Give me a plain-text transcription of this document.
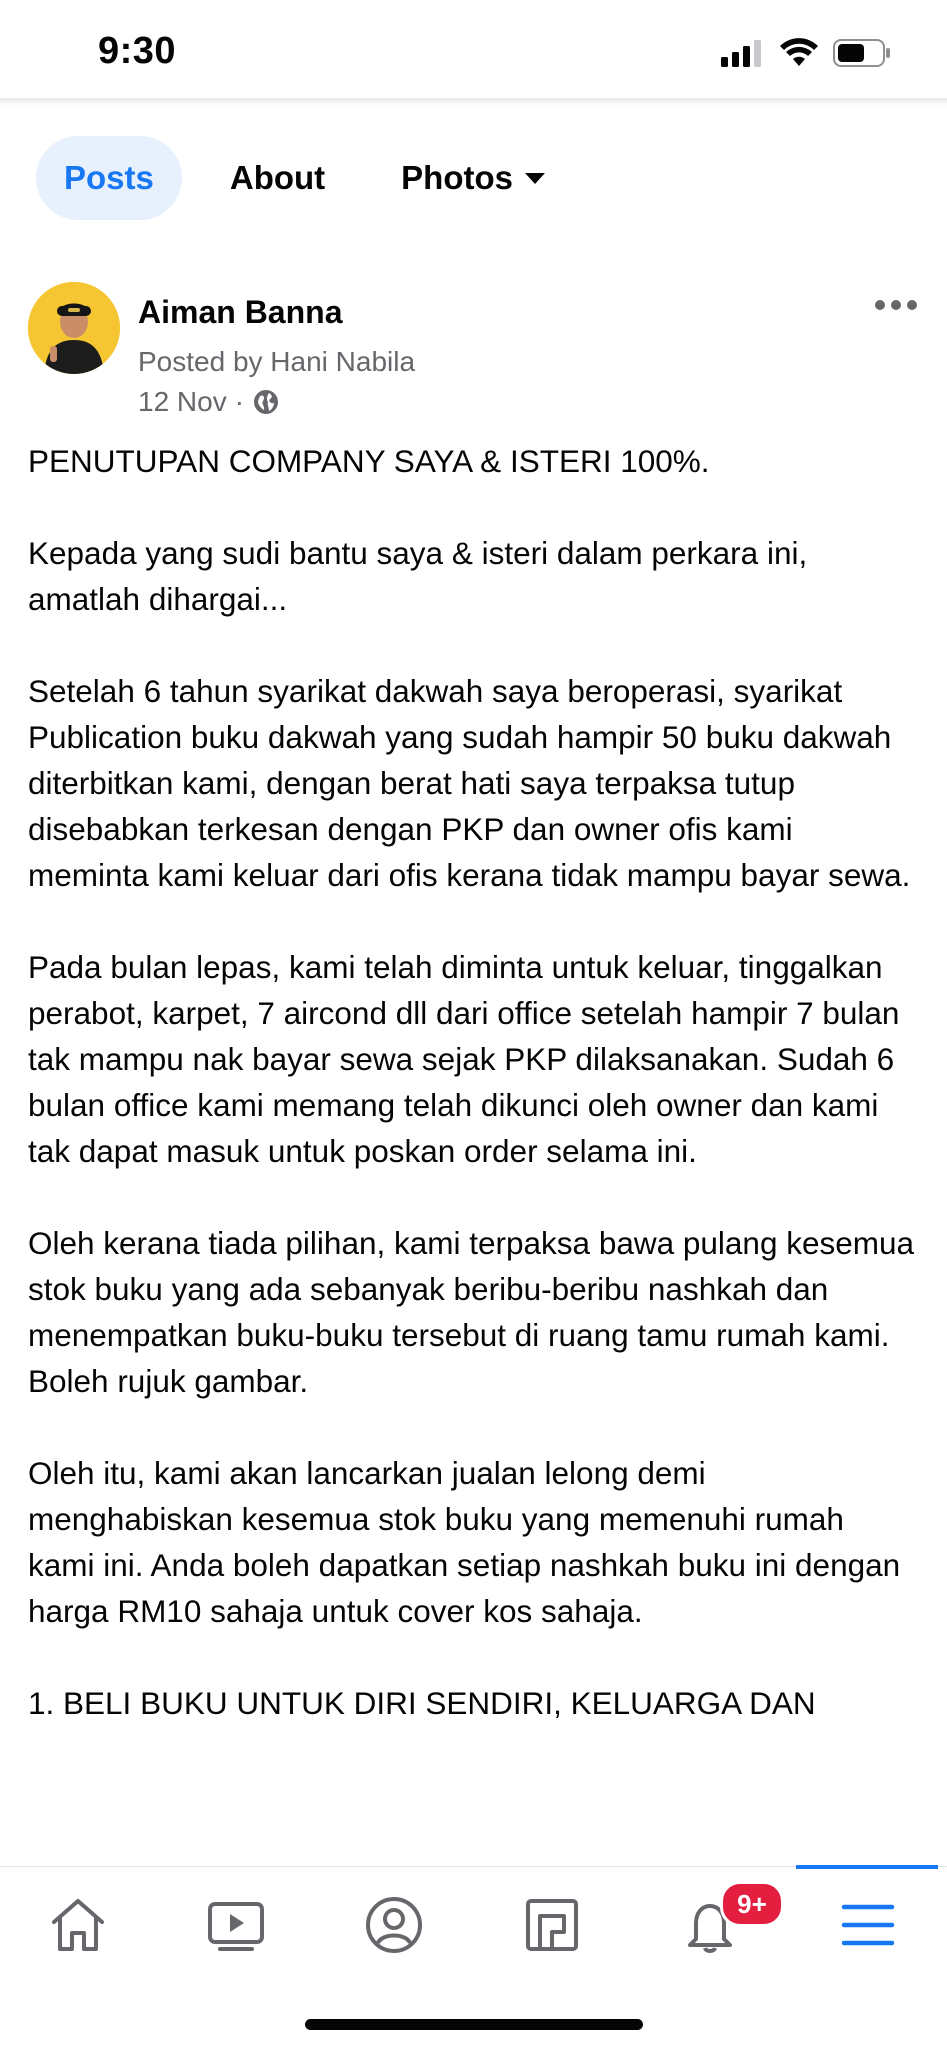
9:30
Posts	About	Photos
Aiman Banna
Posted by Hani Nabila
12 Nov ·

PENUTUPAN COMPANY SAYA & ISTERI 100%.

Kepada yang sudi bantu saya & isteri dalam perkara ini, amatlah dihargai...

Setelah 6 tahun syarikat dakwah saya beroperasi, syarikat Publication buku dakwah yang sudah hampir 50 buku dakwah diterbitkan kami, dengan berat hati saya terpaksa tutup disebabkan terkesan dengan PKP dan owner ofis kami meminta kami keluar dari ofis kerana tidak mampu bayar sewa.

Pada bulan lepas, kami telah diminta untuk keluar, tinggalkan perabot, karpet, 7 aircond dll dari office setelah hampir 7 bulan tak mampu nak bayar sewa sejak PKP dilaksanakan. Sudah 6 bulan office kami memang telah dikunci oleh owner dan kami tak dapat masuk untuk poskan order selama ini.

Oleh kerana tiada pilihan, kami terpaksa bawa pulang kesemua stok buku yang ada sebanyak beribu-beribu nashkah dan menempatkan buku-buku tersebut di ruang tamu rumah kami. Boleh rujuk gambar.

Oleh itu, kami akan lancarkan jualan lelong demi menghabiskan kesemua stok buku yang memenuhi rumah kami ini. Anda boleh dapatkan setiap nashkah buku ini dengan harga RM10 sahaja untuk cover kos sahaja.

1. BELI BUKU UNTUK DIRI SENDIRI, KELUARGA DAN

9+
